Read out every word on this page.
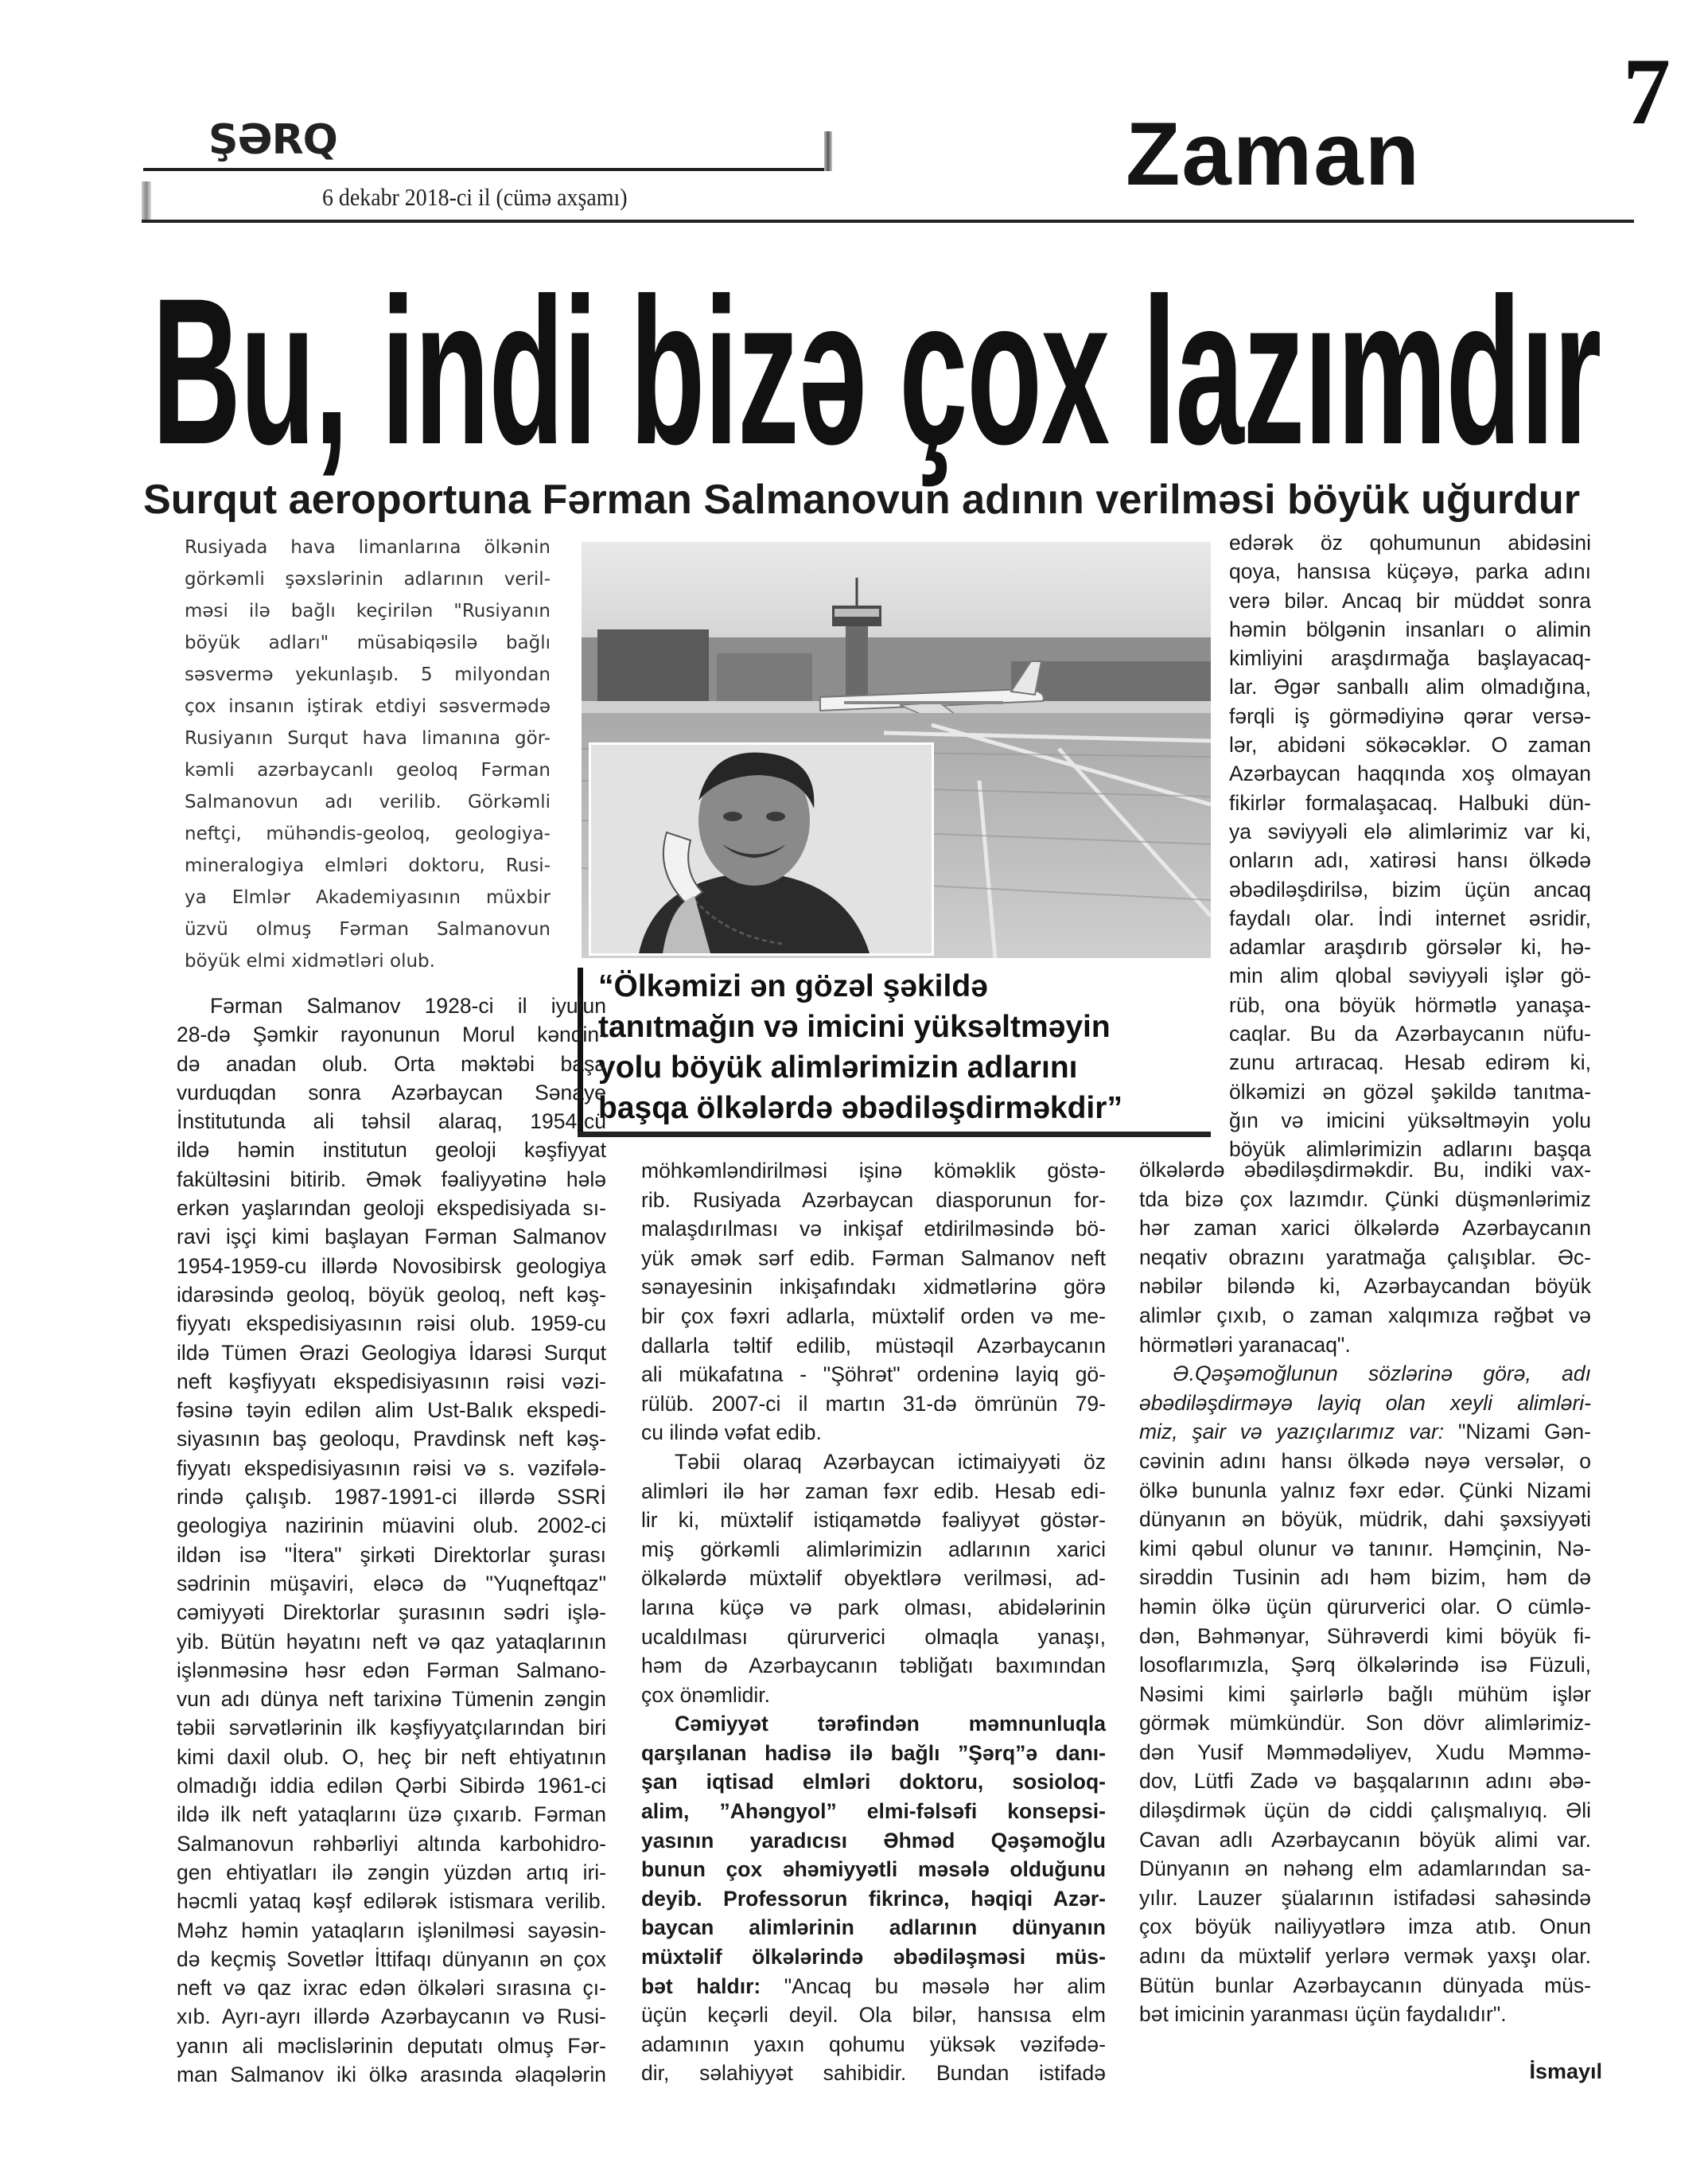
7
ŞƏRQ
6 dekabr 2018-ci il (cümə axşamı)	Zaman
Bu, indi bizə çox lazımdır
Surqut aeroportuna Fərman Salmanovun adının verilməsi böyük uğurdur
“Ölkəmizi ən gözəl şəkildə
tanıtmağın və imicini yüksəltməyin
yolu böyük alimlərimizin adlarını
başqa ölkələrdə əbədiləşdirməkdir”
Rusiyada hava limanlarına ölkənin
görkəmli şəxslərinin adlarının veril-
məsi ilə bağlı keçirilən "Rusiyanın
böyük adları" müsabiqəsilə bağlı
səsvermə yekunlaşıb. 5 milyondan
çox insanın iştirak etdiyi səsvermədə
Rusiyanın Surqut hava limanına gör-
kəmli azərbaycanlı geoloq Fərman
Salmanovun adı verilib. Görkəmli
neftçi, mühəndis-geoloq, geologiya-
mineralogiya elmləri doktoru, Rusi-
ya Elmlər Akademiyasının müxbir
üzvü olmuş Fərman Salmanovun
böyük elmi xidmətləri olub.
Fərman Salmanov 1928-ci il iyulun
28-də Şəmkir rayonunun Morul kəndin-
də anadan olub. Orta məktəbi başa
vurduqdan sonra Azərbaycan Sənaye
İnstitutunda ali təhsil alaraq, 1954-cü
ildə həmin institutun geoloji kəşfiyyat
fakültəsini bitirib. Əmək fəaliyyətinə hələ
erkən yaşlarından geoloji ekspedisiyada sı-
ravi işçi kimi başlayan Fərman Salmanov
1954-1959-cu illərdə Novosibirsk geologiya
idarəsində geoloq, böyük geoloq, neft kəş-
fiyyatı ekspedisiyasının rəisi olub. 1959-cu
ildə Tümen Ərazi Geologiya İdarəsi Surqut
neft kəşfiyyatı ekspedisiyasının rəisi vəzi-
fəsinə təyin edilən alim Ust-Balık ekspedi-
siyasının baş geoloqu, Pravdinsk neft kəş-
fiyyatı ekspedisiyasının rəisi və s. vəzifələ-
rində çalışıb. 1987-1991-ci illərdə SSRİ
geologiya nazirinin müavini olub. 2002-ci
ildən isə "İtera" şirkəti Direktorlar şurası
sədrinin müşaviri, eləcə də "Yuqneftqaz"
cəmiyyəti Direktorlar şurasının sədri işlə-
yib. Bütün həyatını neft və qaz yataqlarının
işlənməsinə həsr edən Fərman Salmano-
vun adı dünya neft tarixinə Tümenin zəngin
təbii sərvətlərinin ilk kəşfiyyatçılarından biri
kimi daxil olub. O, heç bir neft ehtiyatının
olmadığı iddia edilən Qərbi Sibirdə 1961-ci
ildə ilk neft yataqlarını üzə çıxarıb. Fərman
Salmanovun rəhbərliyi altında karbohidro-
gen ehtiyatları ilə zəngin yüzdən artıq iri-
həcmli yataq kəşf edilərək istismara verilib.
Məhz həmin yataqların işlənilməsi sayəsin-
də keçmiş Sovetlər İttifaqı dünyanın ən çox
neft və qaz ixrac edən ölkələri sırasına çı-
xıb. Ayrı-ayrı illərdə Azərbaycanın və Rusi-
yanın ali məclislərinin deputatı olmuş Fər-
man Salmanov iki ölkə arasında əlaqələrin
möhkəmləndirilməsi işinə köməklik göstə-
rib. Rusiyada Azərbaycan diasporunun for-
malaşdırılması və inkişaf etdirilməsində bö-
yük əmək sərf edib. Fərman Salmanov neft
sənayesinin inkişafındakı xidmətlərinə görə
bir çox fəxri adlarla, müxtəlif orden və me-
dallarla təltif edilib, müstəqil Azərbaycanın
ali mükafatına - "Şöhrət" ordeninə layiq gö-
rülüb. 2007-ci il martın 31-də ömrünün 79-
cu ilində vəfat edib.
Təbii olaraq Azərbaycan ictimaiyyəti öz
alimləri ilə hər zaman fəxr edib. Hesab edi-
lir ki, müxtəlif istiqamətdə fəaliyyət göstər-
miş görkəmli alimlərimizin adlarının xarici
ölkələrdə müxtəlif obyektlərə verilməsi, ad-
larına küçə və park olması, abidələrinin
ucaldılması qürurverici olmaqla yanaşı,
həm də Azərbaycanın təbliğatı baxımından
çox önəmlidir.
Cəmiyyət tərəfindən məmnunluqla
qarşılanan hadisə ilə bağlı ”Şərq”ə danı-
şan iqtisad elmləri doktoru, sosioloq-
alim, ”Ahəngyol” elmi-fəlsəfi konsepsi-
yasının yaradıcısı Əhməd Qəşəmoğlu
bunun çox əhəmiyyətli məsələ olduğunu
deyib. Professorun fikrincə, həqiqi Azər-
baycan alimlərinin adlarının dünyanın
müxtəlif ölkələrində əbədiləşməsi müs-
bət haldır: "Ancaq bu məsələ hər alim
üçün keçərli deyil. Ola bilər, hansısa elm
adamının yaxın qohumu yüksək vəzifədə-
dir, səlahiyyət sahibidir. Bundan istifadə
edərək öz qohumunun abidəsini
qoya, hansısa küçəyə, parka adını
verə bilər. Ancaq bir müddət sonra
həmin bölgənin insanları o alimin
kimliyini araşdırmağa başlayacaq-
lar. Əgər sanballı alim olmadığına,
fərqli iş görmədiyinə qərar versə-
lər, abidəni sökəcəklər. O zaman
Azərbaycan haqqında xoş olmayan
fikirlər formalaşacaq. Halbuki dün-
ya səviyyəli elə alimlərimiz var ki,
onların adı, xatirəsi hansı ölkədə
əbədiləşdirilsə, bizim üçün ancaq
faydalı olar. İndi internet əsridir,
adamlar araşdırıb görsələr ki, hə-
min alim qlobal səviyyəli işlər gö-
rüb, ona böyük hörmətlə yanaşa-
caqlar. Bu da Azərbaycanın nüfu-
zunu artıracaq. Hesab edirəm ki,
ölkəmizi ən gözəl şəkildə tanıtma-
ğın və imicini yüksəltməyin yolu
böyük alimlərimizin adlarını başqa
ölkələrdə əbədiləşdirməkdir. Bu, indiki vax-
tda bizə çox lazımdır. Çünki düşmənlərimiz
hər zaman xarici ölkələrdə Azərbaycanın
neqativ obrazını yaratmağa çalışıblar. Əc-
nəbilər biləndə ki, Azərbaycandan böyük
alimlər çıxıb, o zaman xalqımıza rəğbət və
hörmətləri yaranacaq".
Ə.Qəşəmoğlunun sözlərinə görə, adı
əbədiləşdirməyə layiq olan xeyli alimləri-
miz, şair və yazıçılarımız var: "Nizami Gən-
cəvinin adını hansı ölkədə nəyə versələr, o
ölkə bununla yalnız fəxr edər. Çünki Nizami
dünyanın ən böyük, müdrik, dahi şəxsiyyəti
kimi qəbul olunur və tanınır. Həmçinin, Nə-
sirəddin Tusinin adı həm bizim, həm də
həmin ölkə üçün qürurverici olar. O cümlə-
dən, Bəhmənyar, Sührəverdi kimi böyük fi-
losoflarımızla, Şərq ölkələrində isə Füzuli,
Nəsimi kimi şairlərlə bağlı mühüm işlər
görmək mümkündür. Son dövr alimlərimiz-
dən Yusif Məmmədəliyev, Xudu Məmmə-
dov, Lütfi Zadə və başqalarının adını əbə-
diləşdirmək üçün də ciddi çalışmalıyıq. Əli
Cavan adlı Azərbaycanın böyük alimi var.
Dünyanın ən nəhəng elm adamlarından sa-
yılır. Lauzer şüalarının istifadəsi sahəsində
çox böyük nailiyyətlərə imza atıb. Onun
adını da müxtəlif yerlərə vermək yaxşı olar.
Bütün bunlar Azərbaycanın dünyada müs-
bət imicinin yaranması üçün faydalıdır".
İsmayıl
